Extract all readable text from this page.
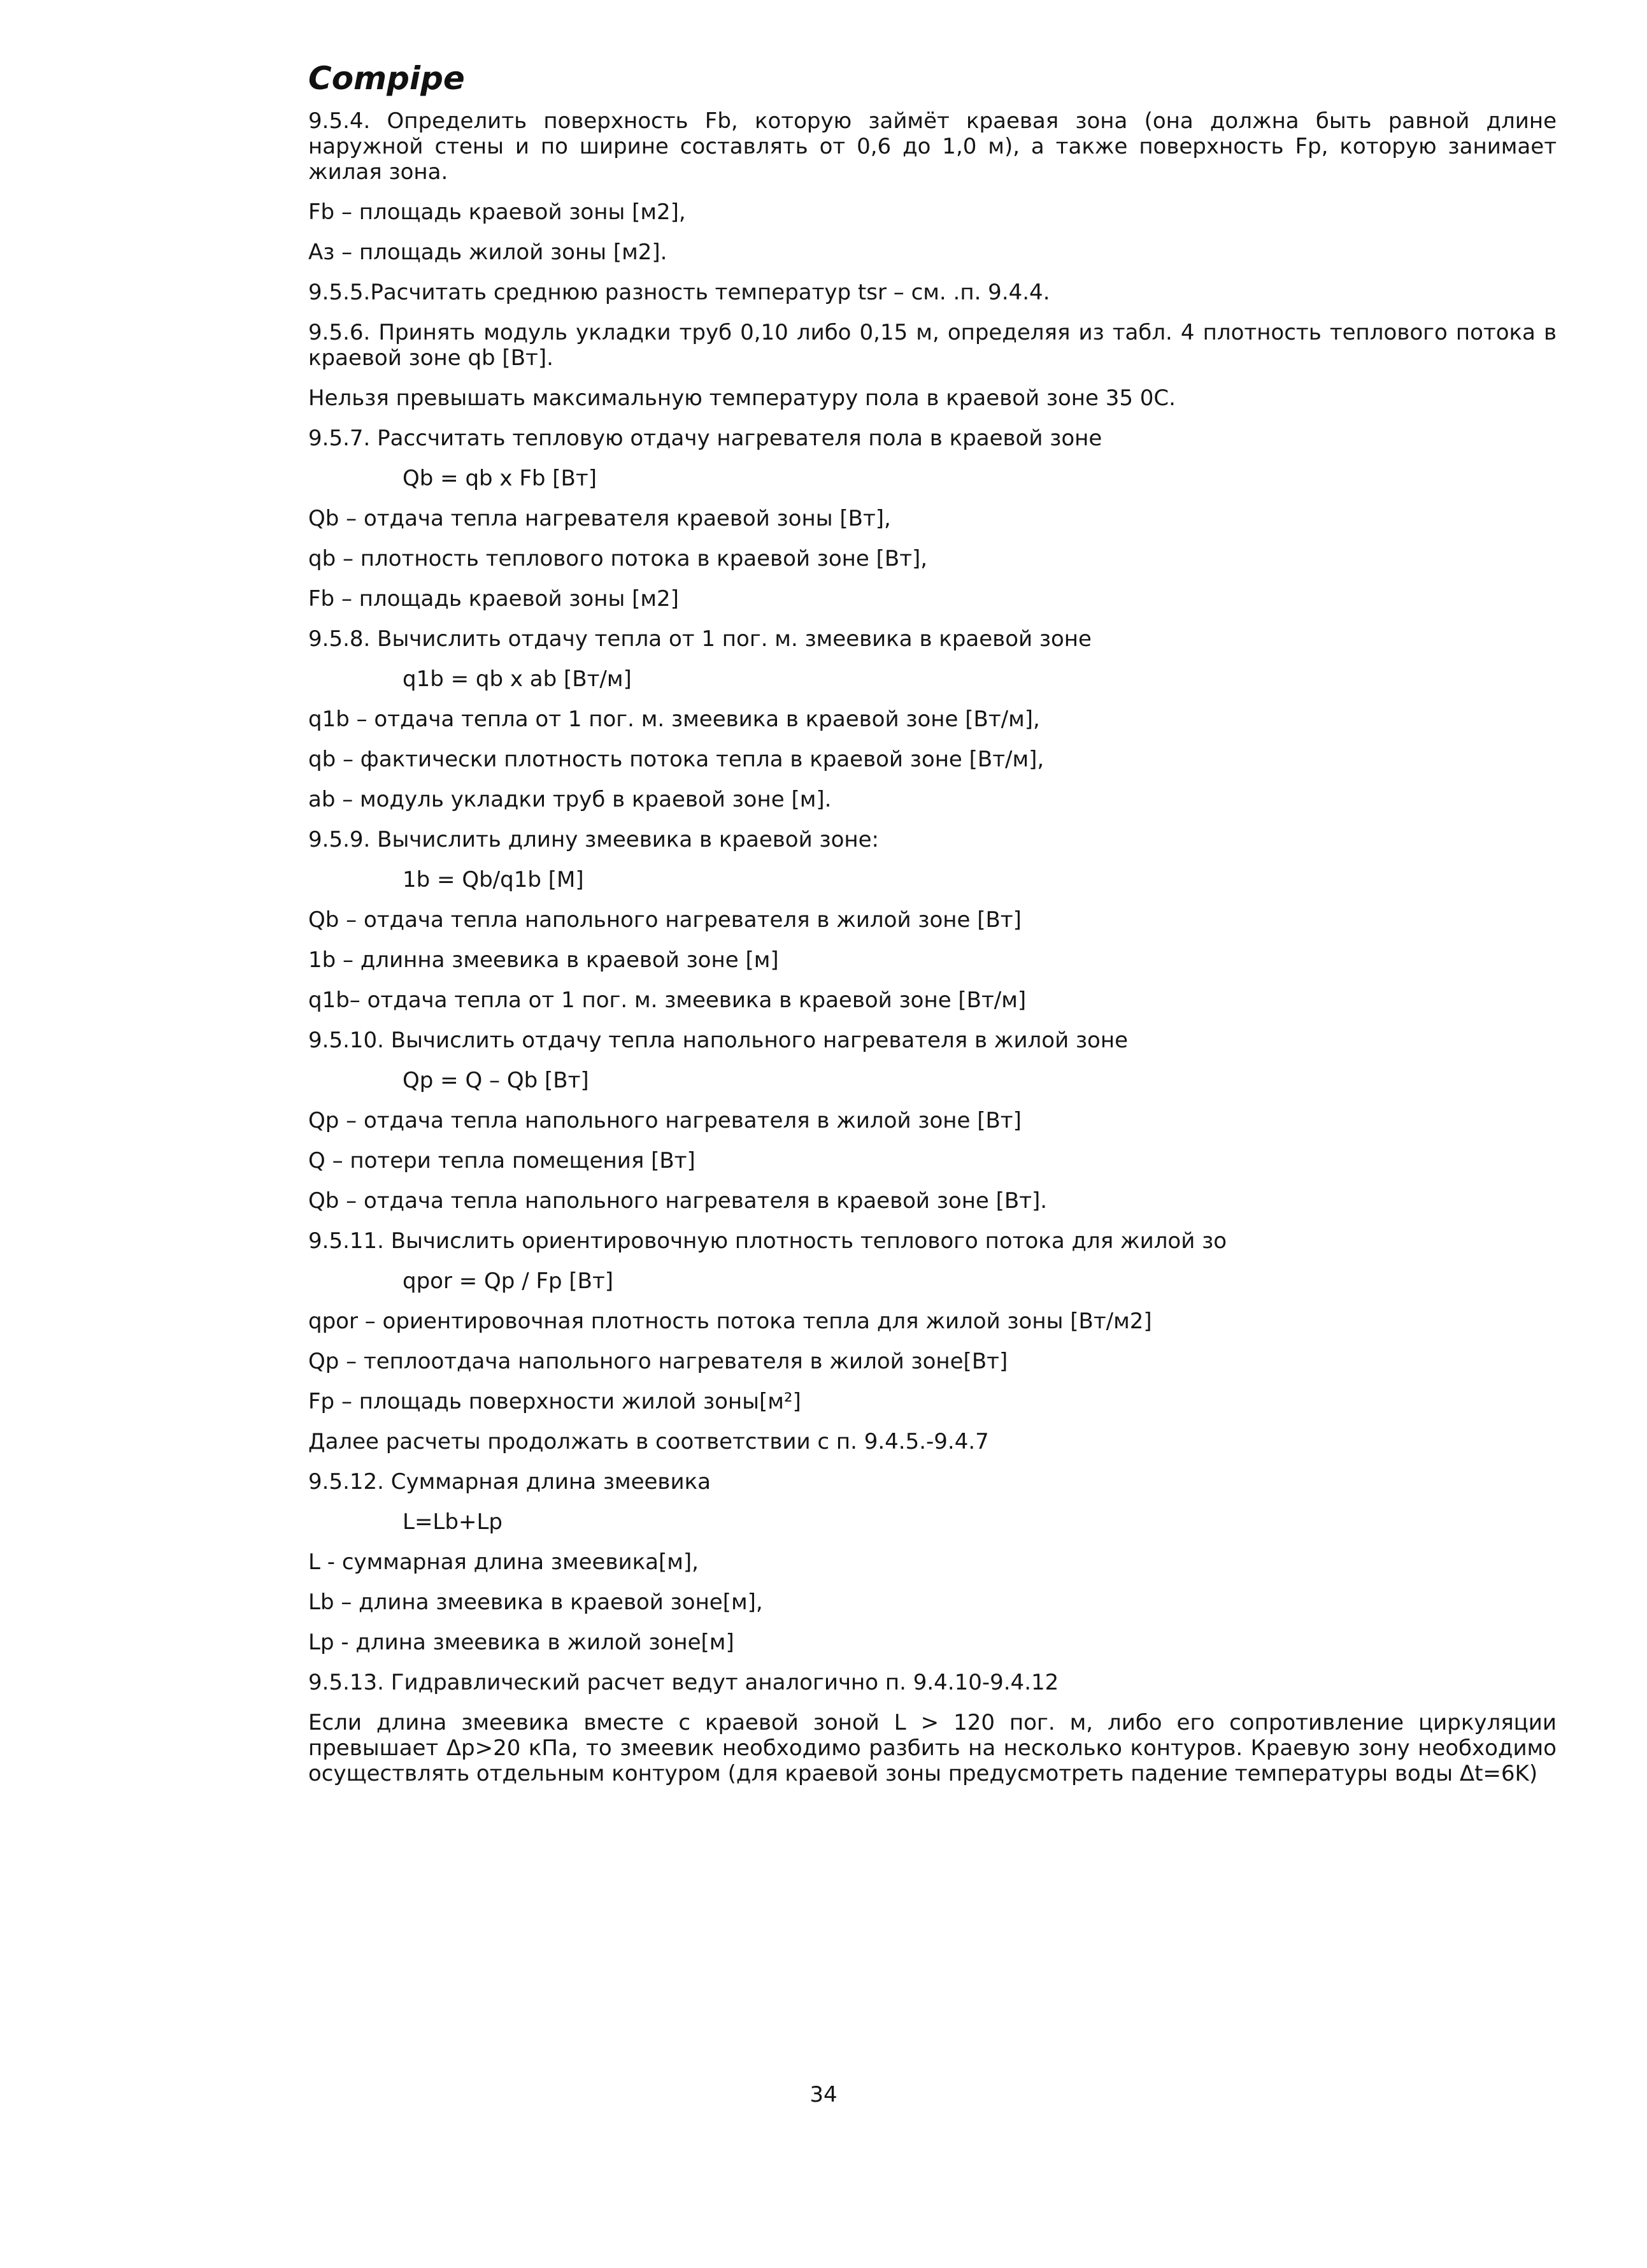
Compipe

9.5.4. Определить поверхность Fb, которую займёт краевая зона (она должна быть равной длине наружной стены и по ширине составлять от 0,6 до 1,0 м), а также поверхность Fp, которую занимает жилая зона.

Fb – площадь краевой зоны [м2],

Aз – площадь жилой зоны [м2].

9.5.5.Расчитать среднюю разность температур tsr – см. .п. 9.4.4.

9.5.6. Принять модуль укладки труб 0,10 либо 0,15 м, определяя из табл. 4 плотность теплового потока в краевой зоне qb [Вт].

Нельзя превышать максимальную температуру пола в краевой зоне 35 0С.

9.5.7. Рассчитать тепловую отдачу нагревателя пола в краевой зоне

Qb = qb x Fb [Вт]

Qb – отдача тепла нагревателя краевой зоны [Вт],

qb – плотность теплового потока в краевой зоне [Вт],

Fb – площадь краевой зоны [м2]

9.5.8. Вычислить отдачу тепла от 1 пог. м. змеевика в краевой зоне

q1b = qb x ab [Вт/м]

q1b – отдача тепла от 1 пог. м. змеевика в краевой зоне [Вт/м],

qb – фактически плотность потока тепла в краевой зоне [Вт/м],

ab – модуль укладки труб в краевой зоне [м].

9.5.9. Вычислить длину змеевика в краевой зоне:

1b = Qb/q1b [М]

Qb – отдача тепла напольного нагревателя в жилой зоне [Вт]

1b – длинна змеевика в краевой зоне [м]

q1b– отдача тепла от 1 пог. м. змеевика в краевой зоне [Вт/м]

9.5.10. Вычислить отдачу тепла напольного нагревателя в жилой зоне

Qp = Q – Qb [Вт]

Qp – отдача тепла напольного нагревателя в жилой зоне [Вт]

Q – потери тепла помещения [Вт]

Qb – отдача тепла напольного нагревателя в краевой зоне [Вт].

9.5.11. Вычислить ориентировочную плотность теплового потока для жилой зо

qpor = Qp / Fp [Вт]

qpor – ориентировочная плотность потока тепла для жилой зоны [Вт/м2]

Qp – теплоотдача напольного нагревателя в жилой зоне[Вт]

Fp – площадь поверхности жилой зоны[м²]

Далее расчеты продолжать в соответствии с п. 9.4.5.-9.4.7

9.5.12. Суммарная длина змеевика

L=Lb+Lp

L - суммарная длина змеевика[м],

Lb – длина змеевика в краевой зоне[м],

Lp - длина змеевика в жилой зоне[м]

9.5.13. Гидравлический расчет ведут аналогично п. 9.4.10-9.4.12

Если длина змеевика вместе с краевой зоной L > 120 пог. м, либо его сопротивление циркуляции превышает Δp>20 кПа, то змеевик необходимо разбить на несколько контуров. Краевую зону необходимо осуществлять отдельным контуром (для краевой зоны предусмотреть падение температуры воды Δt=6K)

34
